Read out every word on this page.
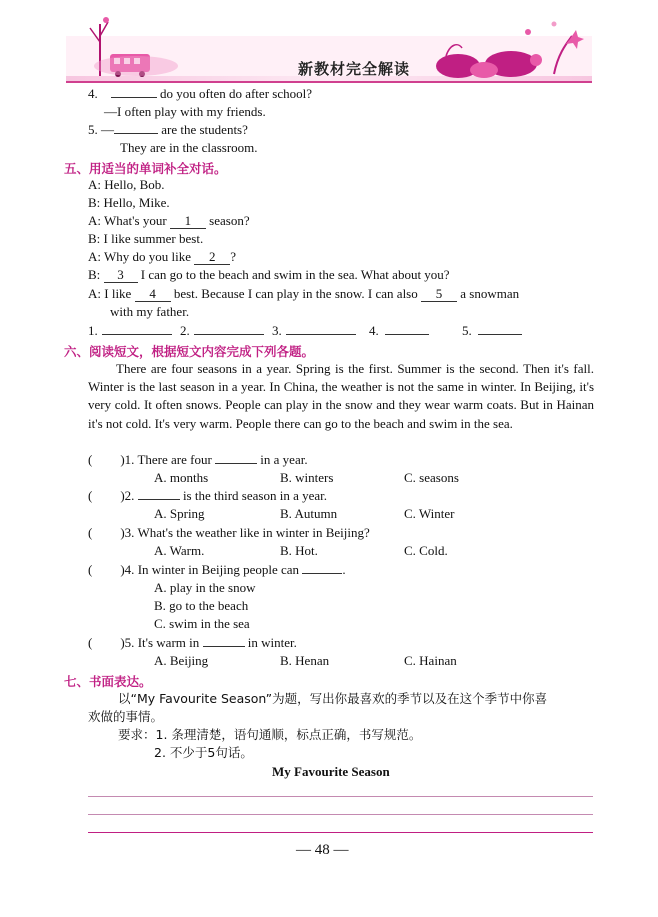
新教材完全解读
4.	do you often do after school?
—I often play with my friends.
5. —	are the students?
They are in the classroom.
五、用适当的单词补全对话。
A: Hello, Bob.
B: Hello, Mike.
A: What's your 1 season?
B: I like summer best.
A: Why do you like 2 ?
B: 3 I can go to the beach and swim in the sea. What about you?
A: I like 4 best. Because I can play in the snow. I can also 5 a snowman
with my father.
1.	2.	3.	4.	5.
六、阅读短文，根据短文内容完成下列各题。
There are four seasons in a year. Spring is the first. Summer is the second. Then it's fall. Winter is the last season in a year. In China, the weather is not the same in winter. In Beijing, it's very cold. It often snows. People can play in the snow and they wear warm coats. But in Hainan it's not cold. It's very warm. People there can go to the beach and swim in the sea.
( )1. There are four	in a year.
A. months	B. winters	C. seasons
( )2.	is the third season in a year.
A. Spring	B. Autumn	C. Winter
( )3. What's the weather like in winter in Beijing?
A. Warm.	B. Hot.	C. Cold.
( )4. In winter in Beijing people can	.
A. play in the snow
B. go to the beach
C. swim in the sea
( )5. It's warm in	in winter.
A. Beijing	B. Henan	C. Hainan
七、书面表达。
以“My Favourite Season”为题，写出你最喜欢的季节以及在这个季节中你喜
欢做的事情。
要求：1. 条理清楚，语句通顺，标点正确，书写规范。
2. 不少于5句话。
My Favourite Season
— 48 —
